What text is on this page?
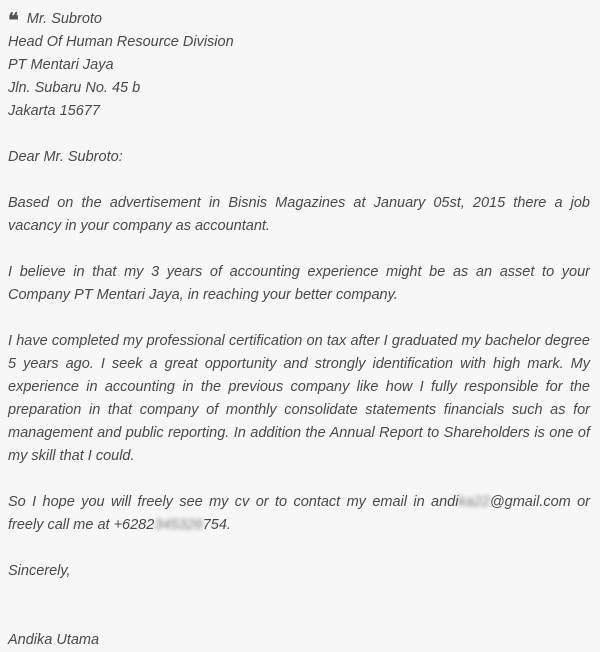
❝ Mr. Subroto

Head Of Human Resource Division

PT Mentari Jaya

Jln. Subaru No. 45 b

Jakarta 15677

Dear Mr. Subroto:

Based on the advertisement in Bisnis Magazines at January 05st, 2015 there a job vacancy in your company as accountant.

I believe in that my 3 years of accounting experience might be as an asset to your Company PT Mentari Jaya, in reaching your better company.

I have completed my professional certification on tax after I graduated my bachelor degree 5 years ago. I seek a great opportunity and strongly identification with high mark. My experience in accounting in the previous company like how I fully responsible for the preparation in that company of monthly consolidate statements financials such as for management and public reporting. In addition the Annual Report to Shareholders is one of my skill that I could.

So I hope you will freely see my cv or to contact my email in andika22@gmail.com or freely call me at +6282345326754.

Sincerely,

Andika Utama
